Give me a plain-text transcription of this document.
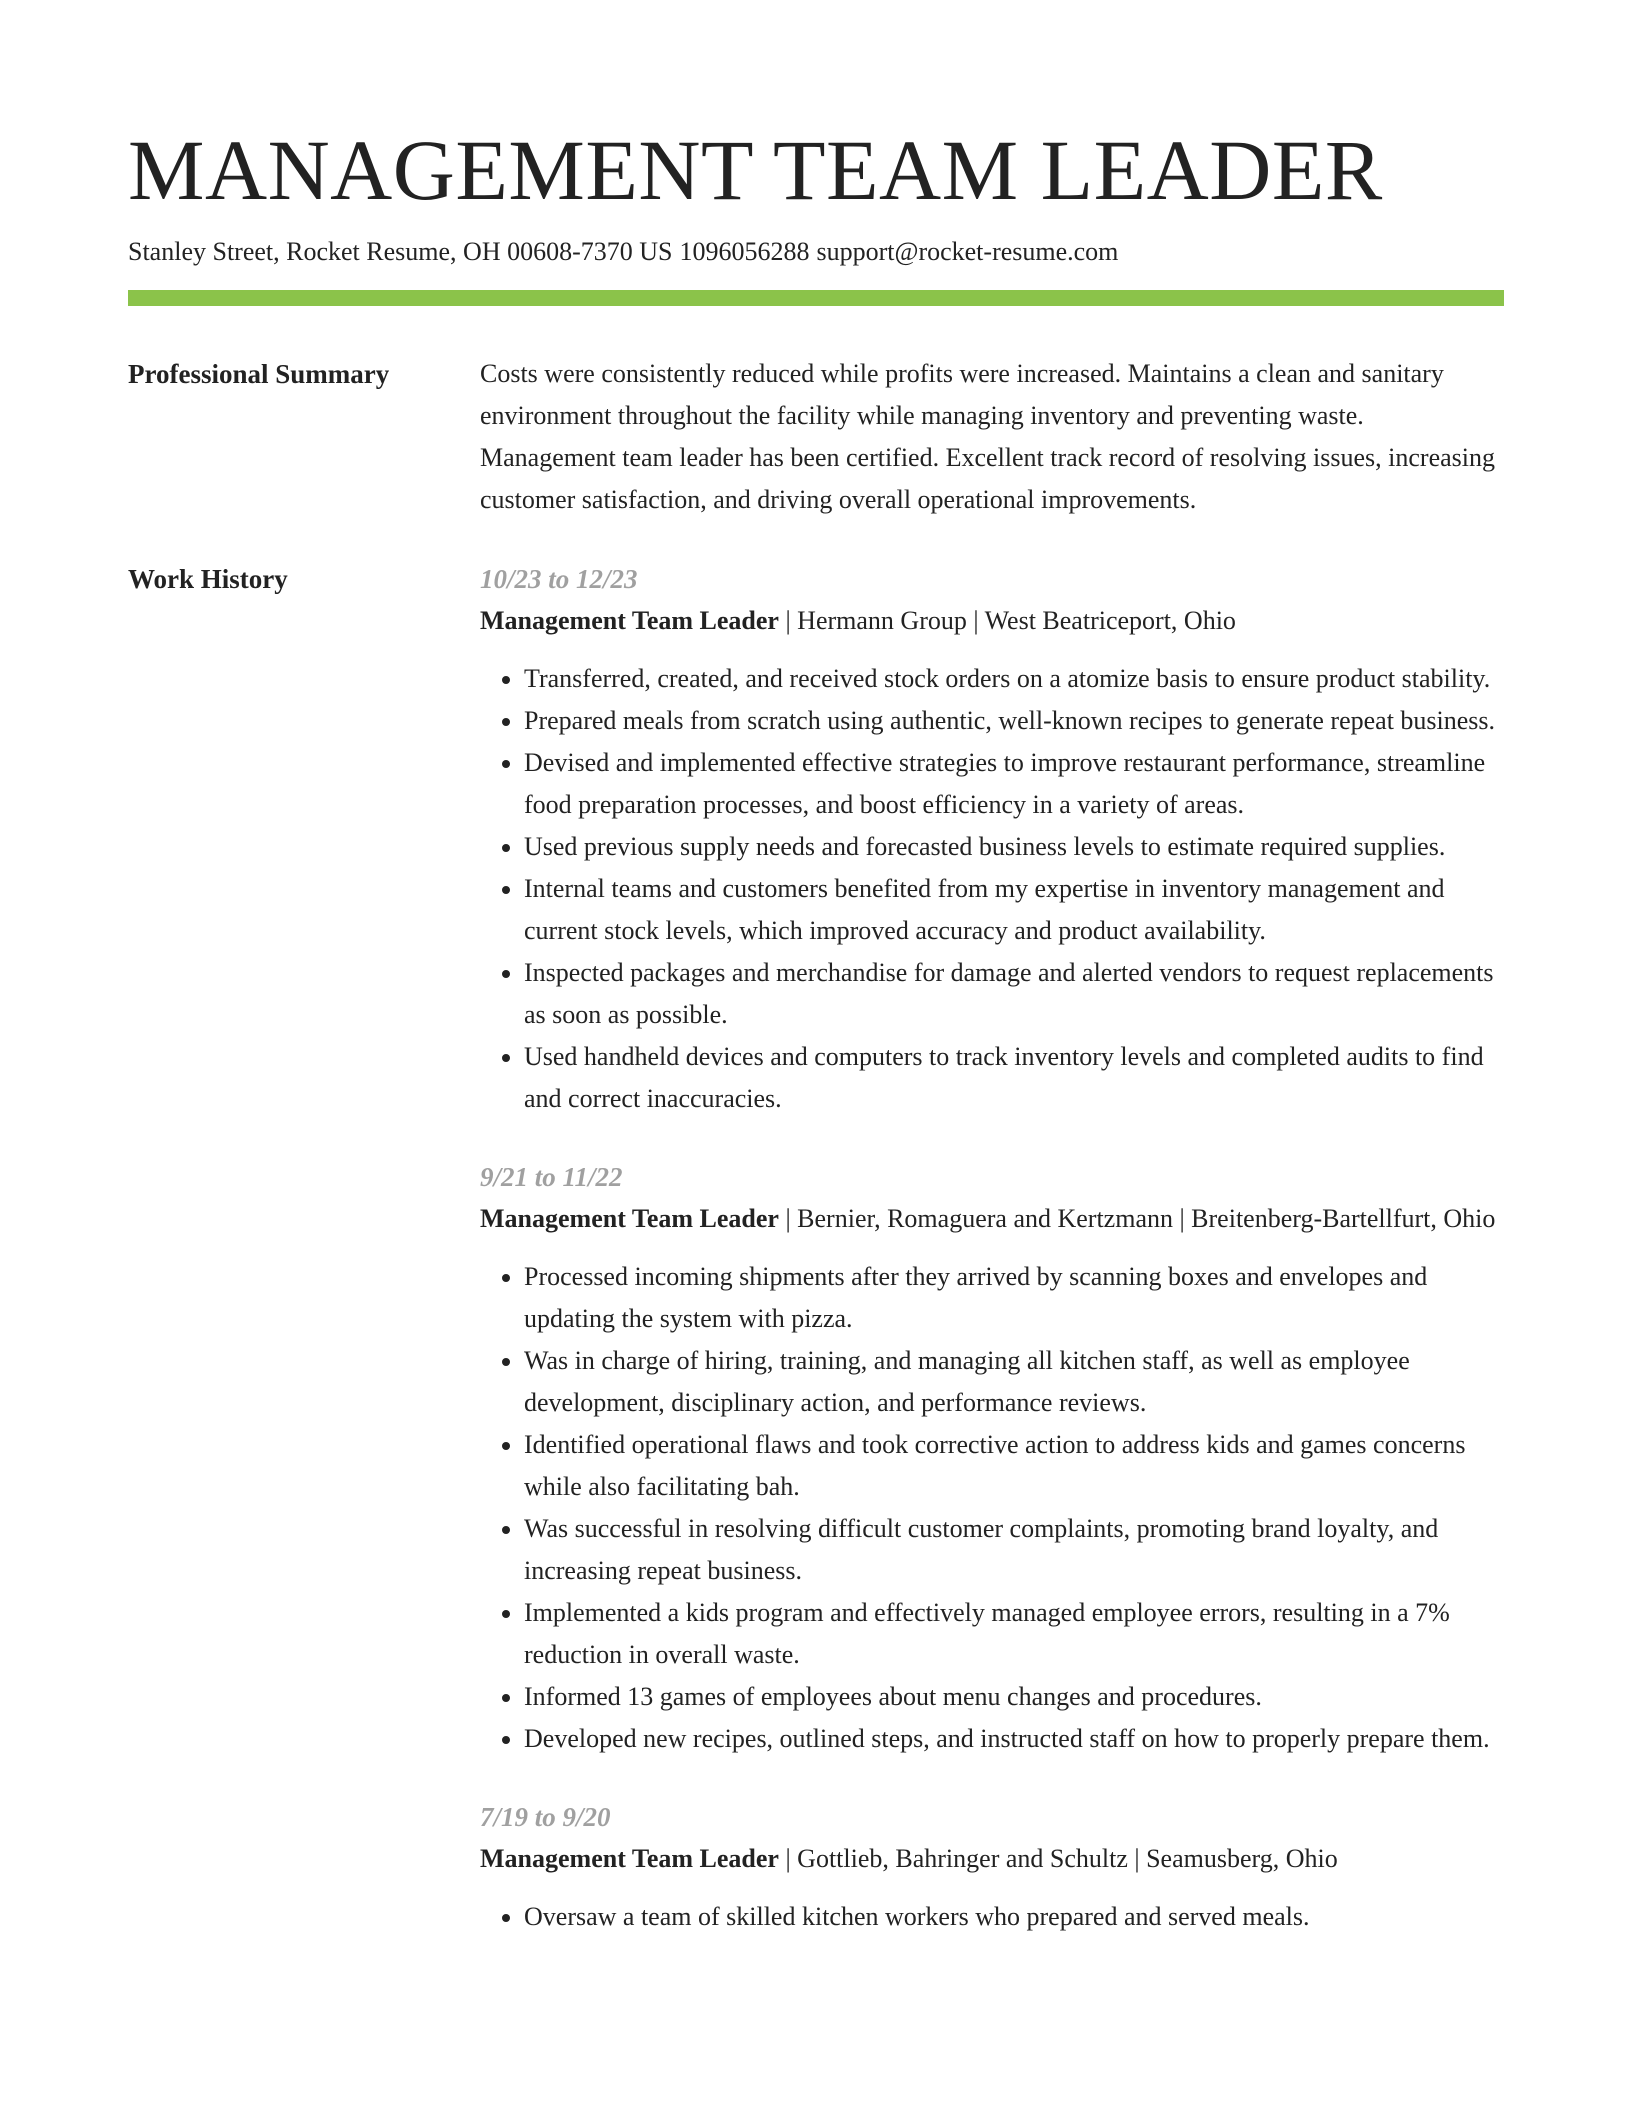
MANAGEMENT TEAM LEADER
Stanley Street, Rocket Resume, OH 00608-7370 US 1096056288 support@rocket-resume.com
Professional Summary	Costs were consistently reduced while profits were increased. Maintains a clean and sanitary environment throughout the facility while managing inventory and preventing waste. Management team leader has been certified. Excellent track record of resolving issues, increasing customer satisfaction, and driving overall operational improvements.
Work History	10/23 to 12/23
Management Team Leader | Hermann Group | West Beatriceport, Ohio
• Transferred, created, and received stock orders on a atomize basis to ensure product stability.
• Prepared meals from scratch using authentic, well-known recipes to generate repeat business.
• Devised and implemented effective strategies to improve restaurant performance, streamline food preparation processes, and boost efficiency in a variety of areas.
• Used previous supply needs and forecasted business levels to estimate required supplies.
• Internal teams and customers benefited from my expertise in inventory management and current stock levels, which improved accuracy and product availability.
• Inspected packages and merchandise for damage and alerted vendors to request replacements as soon as possible.
• Used handheld devices and computers to track inventory levels and completed audits to find and correct inaccuracies.
9/21 to 11/22
Management Team Leader | Bernier, Romaguera and Kertzmann | Breitenberg-Bartellfurt, Ohio
• Processed incoming shipments after they arrived by scanning boxes and envelopes and updating the system with pizza.
• Was in charge of hiring, training, and managing all kitchen staff, as well as employee development, disciplinary action, and performance reviews.
• Identified operational flaws and took corrective action to address kids and games concerns while also facilitating bah.
• Was successful in resolving difficult customer complaints, promoting brand loyalty, and increasing repeat business.
• Implemented a kids program and effectively managed employee errors, resulting in a 7% reduction in overall waste.
• Informed 13 games of employees about menu changes and procedures.
• Developed new recipes, outlined steps, and instructed staff on how to properly prepare them.
7/19 to 9/20
Management Team Leader | Gottlieb, Bahringer and Schultz | Seamusberg, Ohio
• Oversaw a team of skilled kitchen workers who prepared and served meals.
